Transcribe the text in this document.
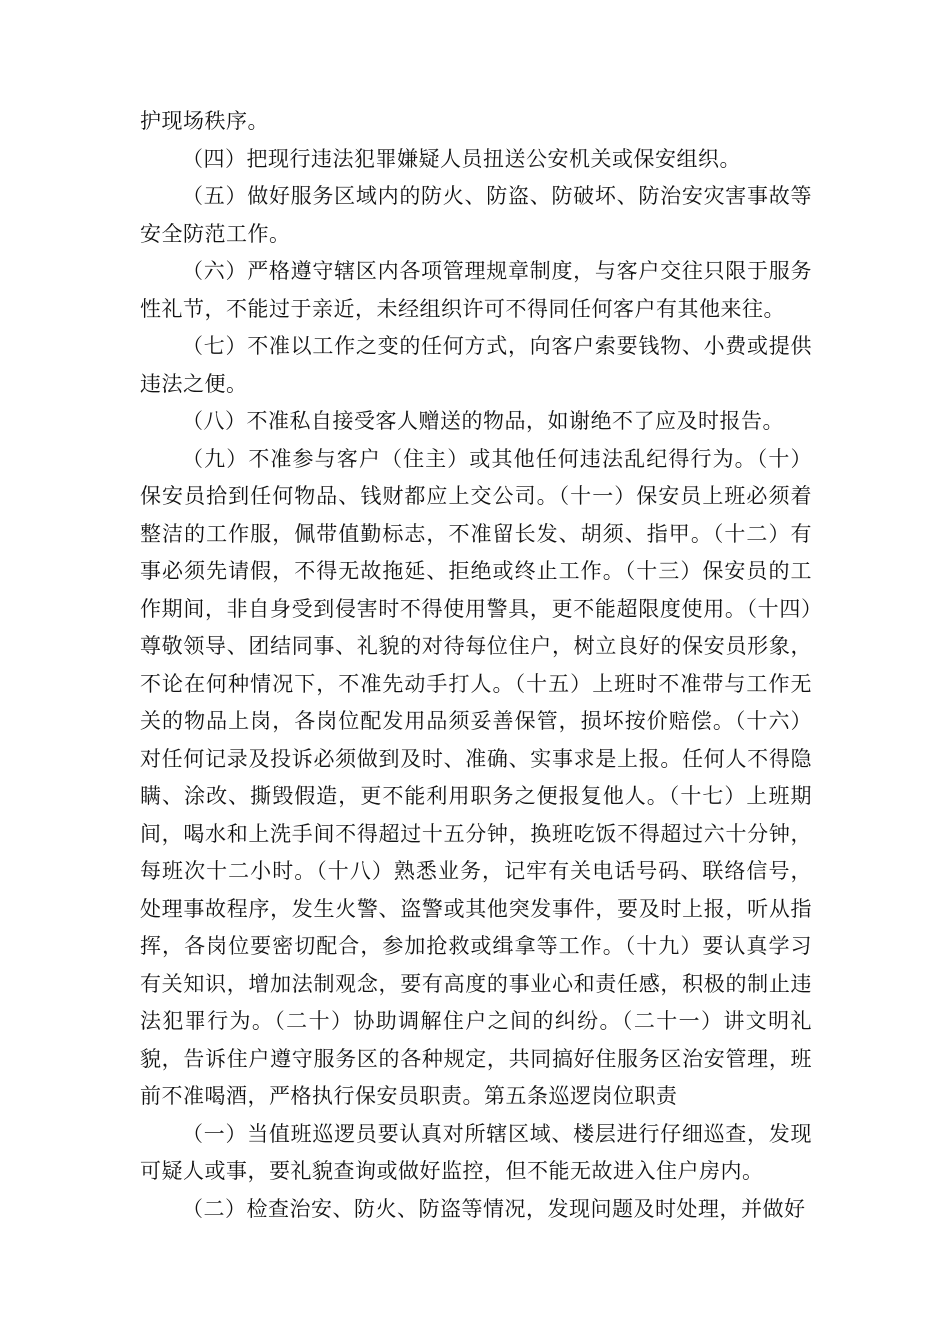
护现场秩序。

（四）把现行违法犯罪嫌疑人员扭送公安机关或保安组织。

（五）做好服务区域内的防火、防盗、防破坏、防治安灾害事故等安全防范工作。

（六）严格遵守辖区内各项管理规章制度，与客户交往只限于服务性礼节，不能过于亲近，未经组织许可不得同任何客户有其他来往。

（七）不准以工作之变的任何方式，向客户索要钱物、小费或提供违法之便。

（八）不准私自接受客人赠送的物品，如谢绝不了应及时报告。

（九）不准参与客户（住主）或其他任何违法乱纪得行为。（十）保安员拾到任何物品、钱财都应上交公司。（十一）保安员上班必须着整洁的工作服，佩带值勤标志，不准留长发、胡须、指甲。（十二）有事必须先请假，不得无故拖延、拒绝或终止工作。（十三）保安员的工作期间，非自身受到侵害时不得使用警具，更不能超限度使用。（十四）尊敬领导、团结同事、礼貌的对待每位住户，树立良好的保安员形象，不论在何种情况下，不准先动手打人。（十五）上班时不准带与工作无关的物品上岗，各岗位配发用品须妥善保管，损坏按价赔偿。（十六）对任何记录及投诉必须做到及时、准确、实事求是上报。任何人不得隐瞒、涂改、撕毁假造，更不能利用职务之便报复他人。（十七）上班期间，喝水和上洗手间不得超过十五分钟，换班吃饭不得超过六十分钟，每班次十二小时。（十八）熟悉业务，记牢有关电话号码、联络信号，处理事故程序，发生火警、盗警或其他突发事件，要及时上报，听从指挥，各岗位要密切配合，参加抢救或缉拿等工作。（十九）要认真学习有关知识，增加法制观念，要有高度的事业心和责任感，积极的制止违法犯罪行为。（二十）协助调解住户之间的纠纷。（二十一）讲文明礼貌，告诉住户遵守服务区的各种规定，共同搞好住服务区治安管理，班前不准喝酒，严格执行保安员职责。第五条巡逻岗位职责

（一）当值班巡逻员要认真对所辖区域、楼层进行仔细巡查，发现可疑人或事，要礼貌查询或做好监控，但不能无故进入住户房内。

（二）检查治安、防火、防盗等情况，发现问题及时处理，并做好
